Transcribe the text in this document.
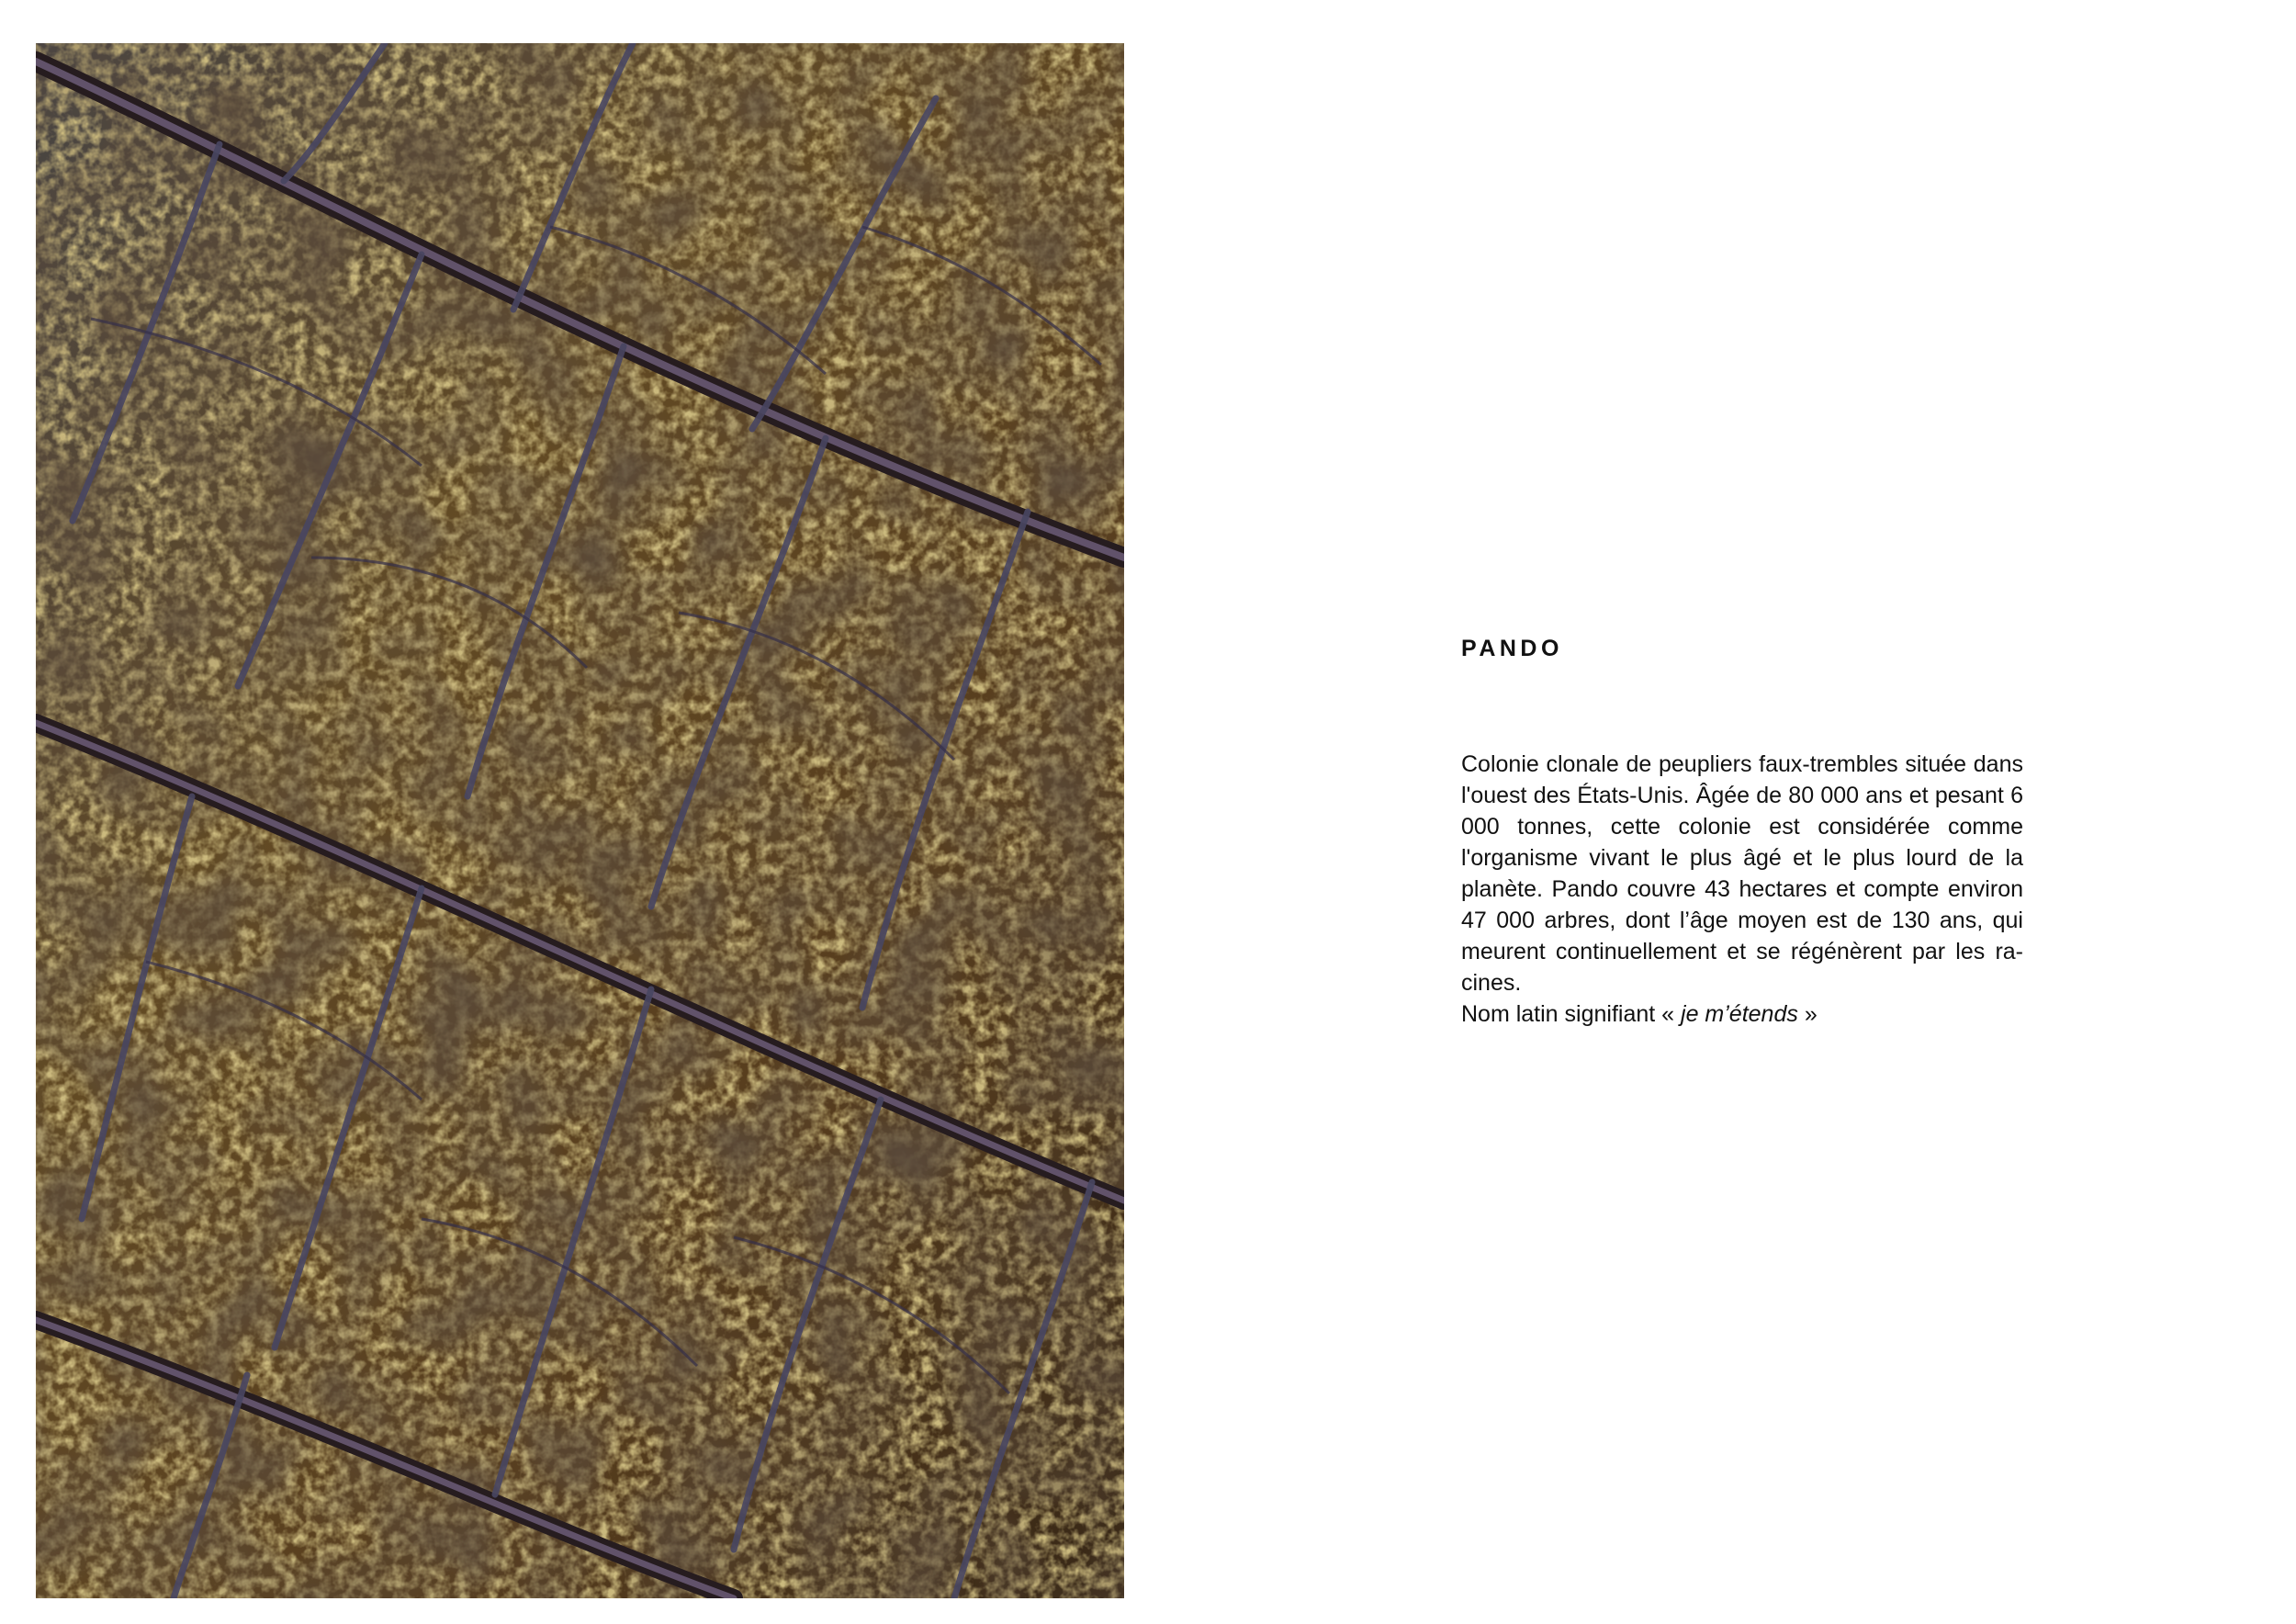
PANDO

Colonie clonale de peupliers faux-trembles située dans l'ouest des États-Unis. Âgée de 80 000 ans et pesant 6 000 tonnes, cette colonie est considérée comme l'organisme vivant le plus âgé et le plus lourd de la planète. Pando couvre 43 hectares et compte environ 47 000 arbres, dont l’âge moyen est de 130 ans, qui meurent continuellement et se régénèrent par les ra-cines.

Nom latin signifiant « je m’étends »
